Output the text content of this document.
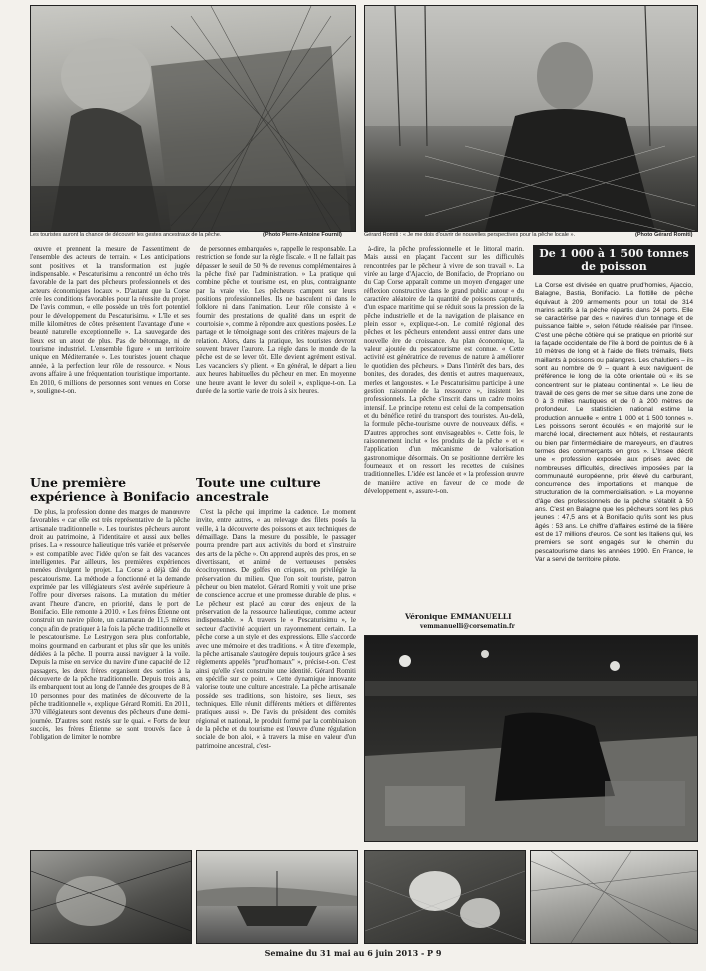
Les touristes auront la chance de découvrir les gestes ancestraux de la pêche.	(Photo Pierre-Antoine Fournil)	Gérard Romiti : « Je me dois d'ouvrir de nouvelles perspectives pour la pêche locale ».	(Photo Gérard Romiti)

œuvre et prennent la mesure de l'assentiment de l'ensemble des acteurs de terrain. « Les anticipations sont positives et la transformation est jugée indispensable. « Pescaturisimu a rencontré un écho très favorable de la part des pêcheurs professionnels et des acteurs économiques locaux ». D'autant que la Corse crée les conditions favorables pour la réussite du projet. De l'avis commun, « elle possède un très fort potentiel pour le développement du Pescaturisimu. « L'île et ses mille kilomètres de côtes présentent l'avantage d'une « beauté naturelle exceptionnelle ». La sauvegarde des lieux est un atout de plus. Pas de bétonnage, ni de tourisme industriel. L'ensemble figure « un territoire unique en Méditerranée ». Les touristes jouent chaque année, à la perfection leur rôle de ressource. « Nous avons affaire à une fréquentation touristique importante. En 2010, 6 millions de personnes sont venues en Corse », souligne-t-on.

Une première expérience à Bonifacio

De plus, la profession donne des marges de manœuvre favorables « car elle est très représentative de la pêche artisanale traditionnelle ». Les touristes pêcheurs auront droit au patrimoine, à l'identitaire et aussi aux belles prises. La « ressource halieutique très variée et préservée » est compatible avec l'idée qu'on se fait des vacances intelligentes. Par ailleurs, les premières expériences menées divulgent le projet. La Corse a déjà tâté du pescatourisme. La méthode a fonctionné et la demande exprimée par les villégiateurs s'est avérée supérieure à l'offre pour diverses raisons. La mutation du métier avant l'heure d'ancre, en priorité, dans le port de Bonifacio. Elle remonte à 2010. « Les frères Étienne ont construit un navire pilote, un catamaran de 11,5 mètres conçu afin de pratiquer à la fois la pêche traditionnelle et le pescatourisme. Le Lestrygon sera plus confortable, moins gourmand en carburant et plus sûr que les unités dédiées à la pêche. Il pourra aussi naviguer à la voile. Depuis la mise en service du navire d'une capacité de 12 passagers, les deux frères organisent des sorties à la découverte de la pêche traditionnelle. Depuis trois ans, ils embarquent tout au long de l'année des groupes de 8 à 10 personnes pour des matinées de découverte de la pêche traditionnelle », explique Gérard Romiti. En 2011, 370 villégiateurs sont devenus des pêcheurs d'une demi-journée. D'autres sont restés sur le quai. « Forts de leur succès, les frères Étienne se sont trouvés face à l'obligation de limiter le nombre

de personnes embarquées », rappelle le responsable. La restriction se fonde sur la règle fiscale. « Il ne fallait pas dépasser le seuil de 50 % de revenus complémentaires à la pêche fixé par l'administration. » La pratique qui combine pêche et tourisme est, en plus, contraignante par la vraie vie. Les pêcheurs campent sur leurs positions professionnelles. Ils ne basculent ni dans le folklore ni dans l'animation. Leur rôle consiste à « fournir des prestations de qualité dans un esprit de courtoisie », comme à répondre aux questions posées. Le partage et le témoignage sont des critères majeurs de la relation. Alors, dans la pratique, les touristes devront souvent braver l'aurore. La règle dans le monde de la pêche est de se lever tôt. Elle devient agrément estival. Les vacanciers s'y plient. « En général, le départ a lieu aux heures habituelles du pêcheur en mer. En moyenne une heure avant le lever du soleil », explique-t-on. La durée de la sortie varie de trois à six heures.

Toute une culture ancestrale

C'est la pêche qui imprime la cadence. Le moment invite, entre autres, « au relevage des filets posés la veille, à la découverte des poissons et aux techniques de démaillage. Dans la mesure du possible, le passager pourra prendre part aux activités du bord et s'instruire des arts de la pêche ». On apprend auprès des pros, en se divertissant, et animé de vertueuses pensées écocitoyennes. De golfes en criques, on privilégie la préservation du milieu. Que l'on soit touriste, patron pêcheur ou bien matelot. Gérard Romiti y voit une prise de conscience accrue et une promesse durable de plus. « Le pêcheur est placé au cœur des enjeux de la préservation de la ressource halieutique, comme acteur indispensable. » À travers le « Pescaturisimu », le secteur d'activité acquiert un rayonnement certain. La pêche corse a un style et des expressions. Elle s'accorde avec une mémoire et des traditions. « À titre d'exemple, la pêche artisanale s'autogère depuis toujours grâce à ses règlements appelés "prud'homaux" », précise-t-on. C'est ainsi qu'elle s'est construite une identité. Gérard Romiti en spécifie sur ce point. « Cette dynamique innovante valorise toute une culture ancestrale. La pêche artisanale possède ses traditions, son histoire, ses lieux, ses techniques. Elle réunit différents métiers et différentes pratiques aussi ». De l'avis du président des comités régional et national, le produit formé par la combinaison de la pêche et du tourisme est l'œuvre d'une régulation sociale de bon aloi, « à travers la mise en valeur d'un patrimoine ancestral, c'est-

à-dire, la pêche professionnelle et le littoral marin. Mais aussi en plaçant l'accent sur les difficultés rencontrées par le pêcheur à vivre de son travail ». La virée au large d'Ajaccio, de Bonifacio, de Propriano ou du Cap Corse apparaît comme un moyen d'engager une réflexion constructive dans le grand public autour « du caractère aléatoire de la quantité de poissons capturés, d'un espace maritime qui se réduit sous la pression de la pêche industrielle et de la navigation de plaisance en plein essor », explique-t-on. Le comité régional des pêches et les pêcheurs entendent aussi entrer dans une nouvelle ère de croissance. Au plan économique, la valeur ajoutée du pescatourisme est connue. « Cette activité est génératrice de revenus de nature à améliorer le quotidien des pêcheurs. » Dans l'intérêt des bars, des bonites, des dorades, des dentis et autres maquereaux, merles et langoustes. « Le Pescaturisimu participe à une gestion raisonnée de la ressource », insistent les professionnels. La pêche s'inscrit dans un cadre moins intensif. Le principe retenu est celui de la compensation et du bénéfice retiré du transport des touristes. Au-delà, la formule pêche-tourisme ouvre de nouveaux défis. « D'autres approches sont envisageables ». Cette fois, le raisonnement inclut « les produits de la pêche » et « l'application d'un mécanisme de valorisation gastronomique désormais. On se positionne derrière les fourneaux et on ressort les recettes de cuisines traditionnelles. L'idée est lancée et « la profession œuvre de manière active en faveur de ce mode de développement », assure-t-on.

Véronique EMMANUELLI
vemmanuelli@corsematin.fr
De 1 000 à 1 500 tonnes de poisson
La Corse est divisée en quatre prud'homies, Ajaccio, Balagne, Bastia, Bonifacio. La flottille de pêche équivaut à 209 armements pour un total de 314 marins actifs à la pêche répartis dans 24 ports. Elle se caractérise par des « navires d'un tonnage et de puissance faible », selon l'étude réalisée par l'Insee. C'est une pêche côtière qui se pratique en priorité sur la façade occidentale de l'île à bord de pointus de 6 à 10 mètres de long et à l'aide de filets trémails, filets maillants à poissons ou palangres. Les chalutiers – ils sont au nombre de 9 – quant à eux naviguent de préférence le long de la côte orientale où « ils se concentrent sur le plateau continental ». Le lieu de travail de ces gens de mer se situe dans une zone de 0 à 3 milles nautiques et de 0 à 200 mètres de profondeur. Le statisticien national estime la production annuelle « entre 1 000 et 1 500 tonnes ». Les poissons seront écoulés « en majorité sur le marché local, directement aux hôtels, et restaurants ou bien par l'intermédiaire de mareyeurs, en d'autres termes des commerçants en gros ». L'Insee décrit une « profession exposée aux prises avec de nombreuses difficultés, directives imposées par la communauté européenne, prix élevé du carburant, concurrence des importations et manque de structuration de la commercialisation. » La moyenne d'âge des professionnels de la pêche s'établit à 50 ans. C'est en Balagne que les pêcheurs sont les plus jeunes : 47,5 ans et à Bonifacio qu'ils sont les plus âgés : 53 ans. Le chiffre d'affaires estimé de la filière est de 17 millions d'euros. Ce sont les Italiens qui, les premiers se sont engagés sur le chemin du pescatourisme dans les années 1990. En France, le Var a servi de territoire pilote.
Semaine du 31 mai au 6 juin 2013 - P 9
